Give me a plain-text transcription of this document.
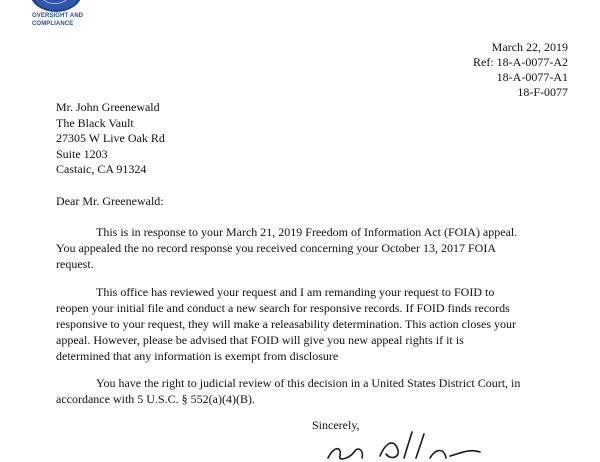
OVERSIGHT AND
COMPLIANCE
March 22, 2019
Ref: 18-A-0077-A2
18-A-0077-A1
18-F-0077
Mr. John Greenewald
The Black Vault
27305 W Live Oak Rd
Suite 1203
Castaic, CA 91324
Dear Mr. Greenewald:
This is in response to your March 21, 2019 Freedom of Information Act (FOIA) appeal.
You appealed the no record response you received concerning your October 13, 2017 FOIA
request.
This office has reviewed your request and I am remanding your request to FOID to
reopen your initial file and conduct a new search for responsive records. If FOID finds records
responsive to your request, they will make a releasability determination. This action closes your
appeal. However, please be advised that FOID will give you new appeal rights if it is
determined that any information is exempt from disclosure
You have the right to judicial review of this decision in a United States District Court, in
accordance with 5 U.S.C. § 552(a)(4)(B).
Sincerely,
